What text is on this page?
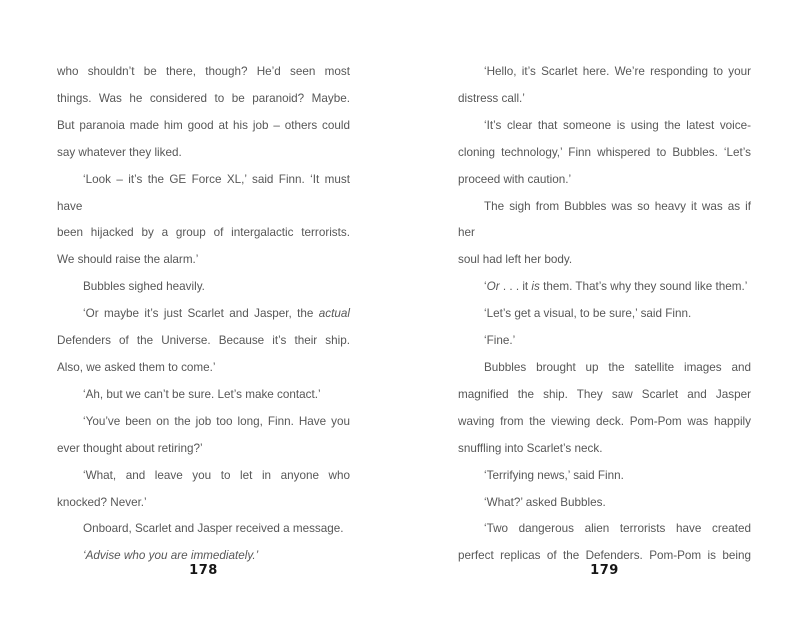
who shouldn’t be there, though? He’d seen most
things. Was he considered to be paranoid? Maybe.
But paranoia made him good at his job – others could
say whatever they liked.
‘Look – it’s the GE Force XL,’ said Finn. ‘It must have
been hijacked by a group of intergalactic terrorists.
We should raise the alarm.’
Bubbles sighed heavily.
‘Or maybe it’s just Scarlet and Jasper, the actual
Defenders of the Universe. Because it’s their ship.
Also, we asked them to come.’
‘Ah, but we can’t be sure. Let’s make contact.’
‘You’ve been on the job too long, Finn. Have you
ever thought about retiring?’
‘What, and leave you to let in anyone who
knocked? Never.’
Onboard, Scarlet and Jasper received a message.
‘Advise who you are immediately.’
178
‘Hello, it’s Scarlet here. We’re responding to your
distress call.’
‘It’s clear that someone is using the latest voice-
cloning technology,’ Finn whispered to Bubbles. ‘Let’s
proceed with caution.’
The sigh from Bubbles was so heavy it was as if her
soul had left her body.
‘Or . . . it is them. That’s why they sound like them.’
‘Let’s get a visual, to be sure,’ said Finn.
‘Fine.’
Bubbles brought up the satellite images and
magnified the ship. They saw Scarlet and Jasper
waving from the viewing deck. Pom-Pom was happily
snuffling into Scarlet’s neck.
‘Terrifying news,’ said Finn.
‘What?’ asked Bubbles.
‘Two dangerous alien terrorists have created
perfect replicas of the Defenders. Pom-Pom is being
179
